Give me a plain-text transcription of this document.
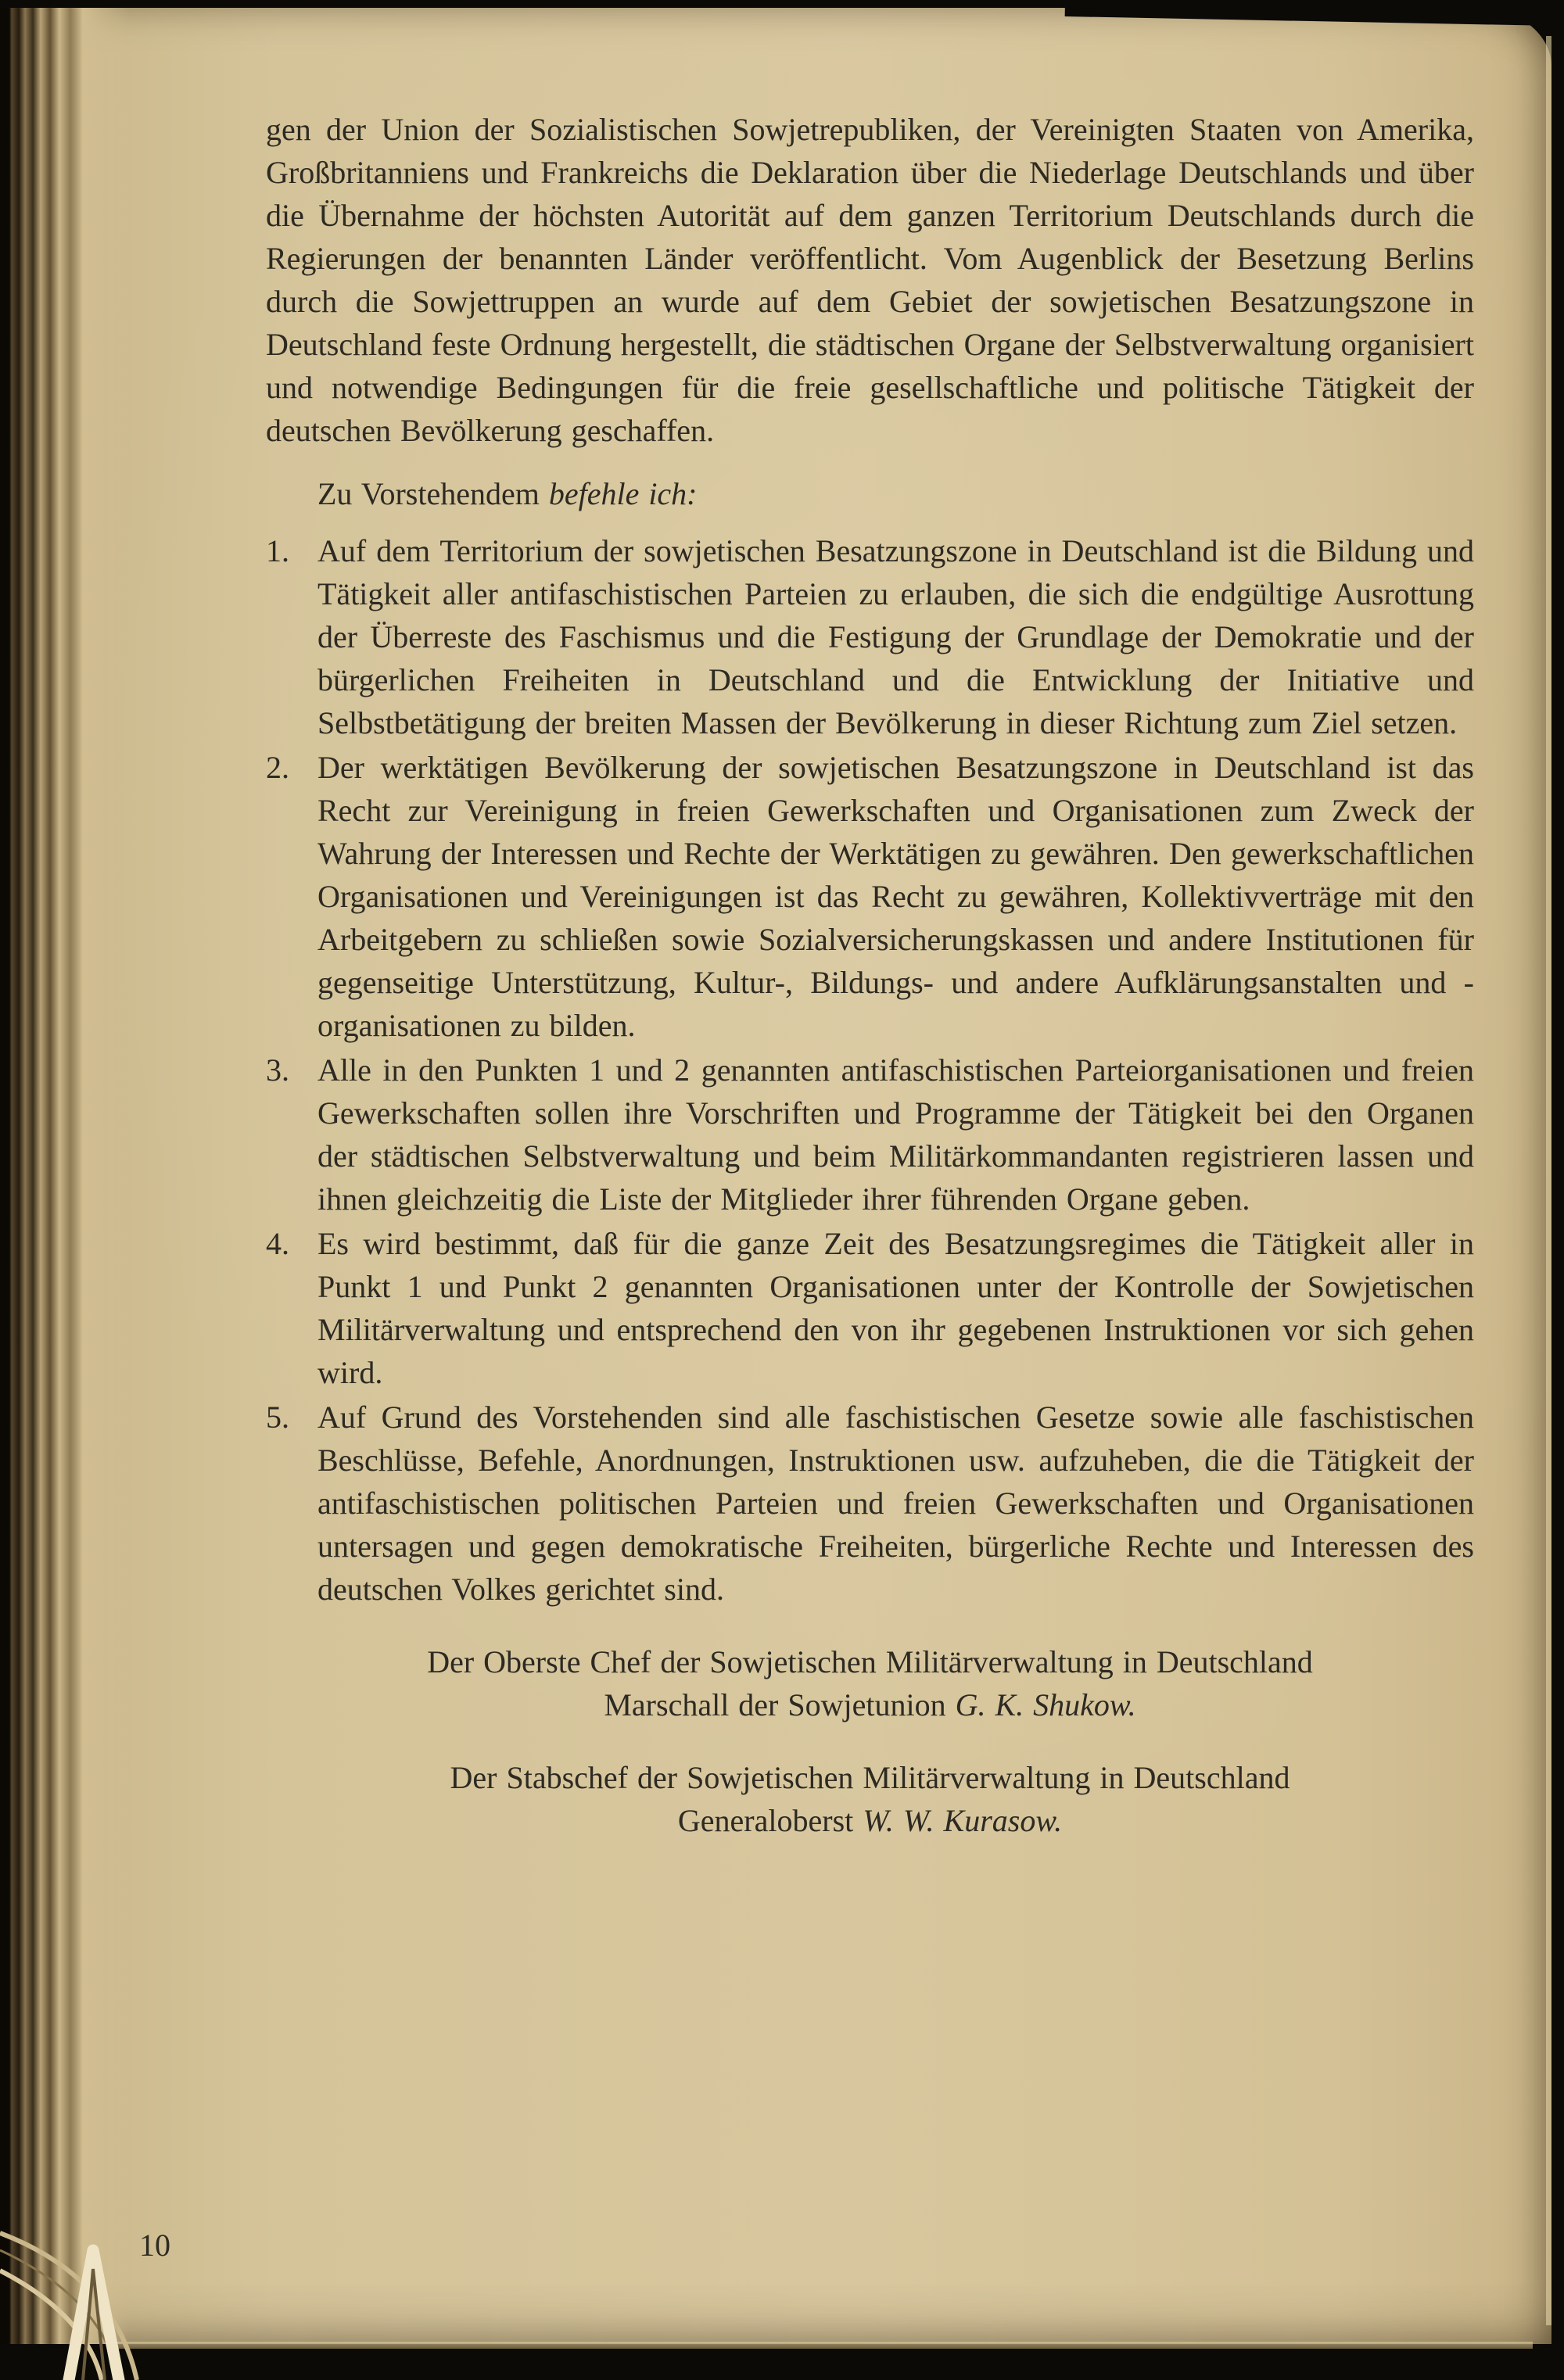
gen der Union der Sozialistischen Sowjetrepubliken, der Vereinigten Staaten von Amerika, Großbritanniens und Frankreichs die Deklaration über die Niederlage Deutschlands und über die Übernahme der höchsten Autorität auf dem ganzen Territorium Deutschlands durch die Regierungen der benannten Länder veröffentlicht. Vom Augenblick der Besetzung Berlins durch die Sowjettruppen an wurde auf dem Gebiet der sowjetischen Besatzungszone in Deutschland feste Ordnung hergestellt, die städtischen Organe der Selbstverwaltung organisiert und notwendige Bedingungen für die freie gesellschaftliche und politische Tätigkeit der deutschen Bevölkerung geschaffen.

Zu Vorstehendem befehle ich:

1. Auf dem Territorium der sowjetischen Besatzungszone in Deutschland ist die Bildung und Tätigkeit aller antifaschistischen Parteien zu erlauben, die sich die endgültige Ausrottung der Überreste des Faschismus und die Festigung der Grundlage der Demokratie und der bürgerlichen Freiheiten in Deutschland und die Entwicklung der Initiative und Selbstbetätigung der breiten Massen der Bevölkerung in dieser Richtung zum Ziel setzen.
2. Der werktätigen Bevölkerung der sowjetischen Besatzungszone in Deutschland ist das Recht zur Vereinigung in freien Gewerkschaften und Organisationen zum Zweck der Wahrung der Interessen und Rechte der Werktätigen zu gewähren. Den gewerkschaftlichen Organisationen und Vereinigungen ist das Recht zu gewähren, Kollektivverträge mit den Arbeitgebern zu schließen sowie Sozialversicherungskassen und andere Institutionen für gegenseitige Unterstützung, Kultur-, Bildungs- und andere Aufklärungsanstalten und -organisationen zu bilden.
3. Alle in den Punkten 1 und 2 genannten antifaschistischen Parteiorganisationen und freien Gewerkschaften sollen ihre Vorschriften und Programme der Tätigkeit bei den Organen der städtischen Selbstverwaltung und beim Militärkommandanten registrieren lassen und ihnen gleichzeitig die Liste der Mitglieder ihrer führenden Organe geben.
4. Es wird bestimmt, daß für die ganze Zeit des Besatzungsregimes die Tätigkeit aller in Punkt 1 und Punkt 2 genannten Organisationen unter der Kontrolle der Sowjetischen Militärverwaltung und entsprechend den von ihr gegebenen Instruktionen vor sich gehen wird.
5. Auf Grund des Vorstehenden sind alle faschistischen Gesetze sowie alle faschistischen Beschlüsse, Befehle, Anordnungen, Instruktionen usw. aufzuheben, die die Tätigkeit der antifaschistischen politischen Parteien und freien Gewerkschaften und Organisationen untersagen und gegen demokratische Freiheiten, bürgerliche Rechte und Interessen des deutschen Volkes gerichtet sind.

Der Oberste Chef der Sowjetischen Militärverwaltung in Deutschland

Marschall der Sowjetunion G. K. Shukow.

Der Stabschef der Sowjetischen Militärverwaltung in Deutschland

Generaloberst W. W. Kurasow.

10
